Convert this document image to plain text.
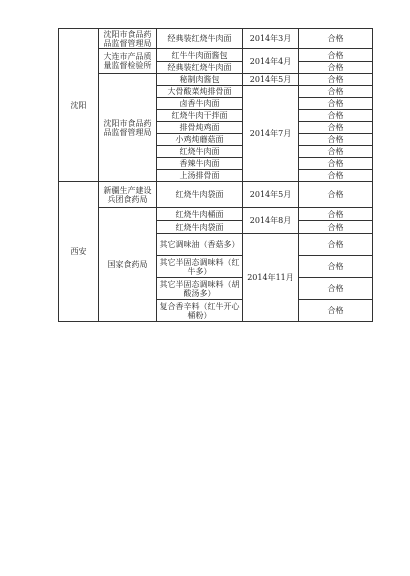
沈阳	沈阳市食品药品监督管理局	经典装红烧牛肉面	2014年3月	合格
	大连市产品质量监督检验所	红牛牛肉面酱包	2014年4月	合格
		经典装红烧牛肉面		合格
	沈阳市食品药品监督管理局	秘制肉酱包	2014年5月	合格
		大骨酸菜炖排骨面	2014年7月	合格
		卤香牛肉面		合格
		红烧牛肉干拌面		合格
		排骨炖鸡面		合格
		小鸡炖蘑菇面		合格
		红烧牛肉面		合格
		香辣牛肉面		合格
		上汤排骨面		合格
西安	新疆生产建设兵团食药局	红烧牛肉袋面	2014年5月	合格
	国家食药局	红烧牛肉桶面	2014年8月	合格
		红烧牛肉袋面		合格
		其它调味油（香菇多）	2014年11月	合格
		其它半固态调味料（红牛多）		合格
		其它半固态调味料（胡酸汤多）		合格
		复合香辛料（红牛开心桶粉）		合格
